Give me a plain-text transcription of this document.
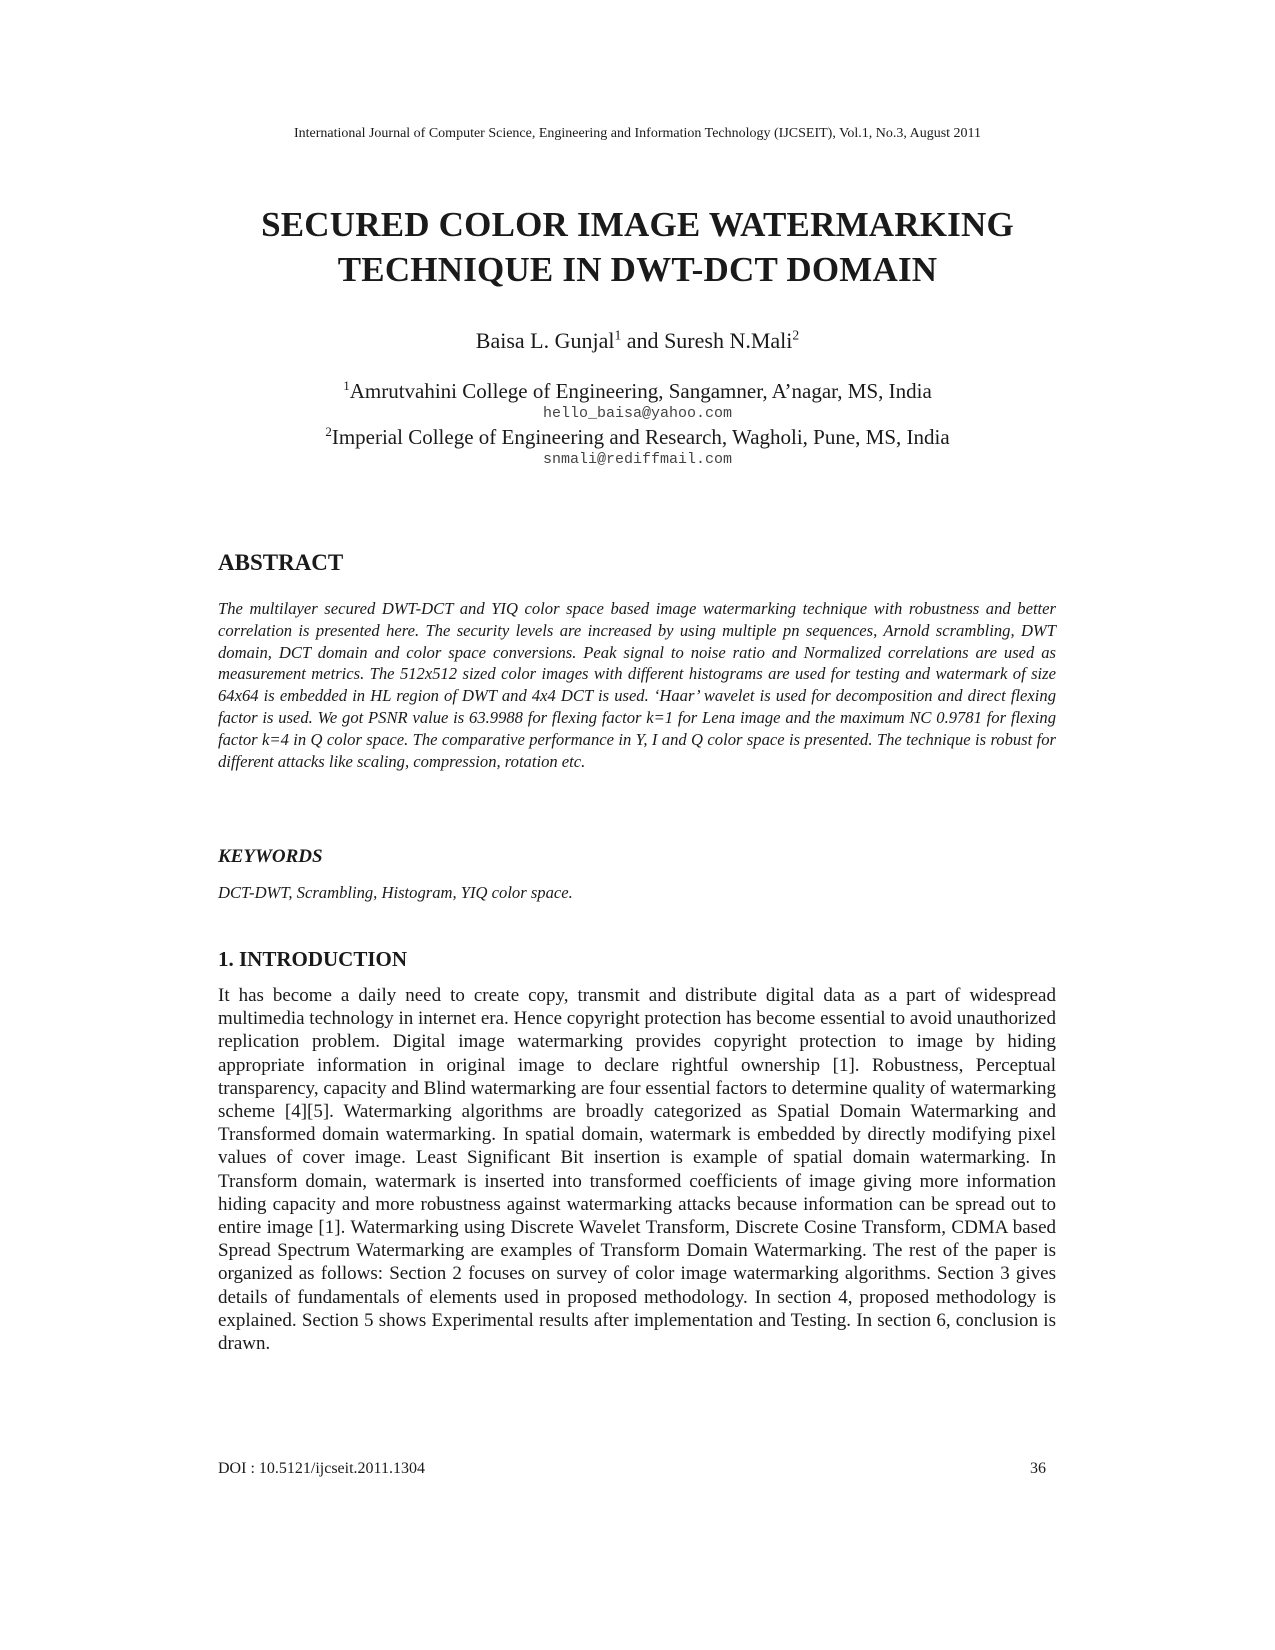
International Journal of Computer Science, Engineering and Information Technology (IJCSEIT), Vol.1, No.3, August 2011
SECURED COLOR IMAGE WATERMARKING
TECHNIQUE IN DWT-DCT DOMAIN
Baisa L. Gunjal$^1$ and Suresh N.Mali$^2$
$^1$Amrutvahini College of Engineering, Sangamner, A’nagar, MS, India
hello_baisa@yahoo.com
$^2$Imperial College of Engineering and Research, Wagholi, Pune, MS, India
snmali@rediffmail.com
ABSTRACT
The multilayer secured DWT-DCT and YIQ color space based image watermarking technique with robustness and better correlation is presented here. The security levels are increased by using multiple pn sequences, Arnold scrambling, DWT domain, DCT domain and color space conversions. Peak signal to noise ratio and Normalized correlations are used as measurement metrics. The 512x512 sized color images with different histograms are used for testing and watermark of size 64x64 is embedded in HL region of DWT and 4x4 DCT is used. ‘Haar’ wavelet is used for decomposition and direct flexing factor is used. We got PSNR value is 63.9988 for flexing factor k=1 for Lena image and the maximum NC 0.9781 for flexing factor k=4 in Q color space. The comparative performance in Y, I and Q color space is presented. The technique is robust for different attacks like scaling, compression, rotation etc.
KEYWORDS
DCT-DWT, Scrambling, Histogram, YIQ color space.
1. INTRODUCTION
It has become a daily need to create copy, transmit and distribute digital data as a part of widespread multimedia technology in internet era. Hence copyright protection has become essential to avoid unauthorized replication problem. Digital image watermarking provides copyright protection to image by hiding appropriate information in original image to declare rightful ownership [1]. Robustness, Perceptual transparency, capacity and Blind watermarking are four essential factors to determine quality of watermarking scheme [4][5]. Watermarking algorithms are broadly categorized as Spatial Domain Watermarking and Transformed domain watermarking. In spatial domain, watermark is embedded by directly modifying pixel values of cover image. Least Significant Bit insertion is example of spatial domain watermarking. In Transform domain, watermark is inserted into transformed coefficients of image giving more information hiding capacity and more robustness against watermarking attacks because information can be spread out to entire image [1]. Watermarking using Discrete Wavelet Transform, Discrete Cosine Transform, CDMA based Spread Spectrum Watermarking are examples of Transform Domain Watermarking. The rest of the paper is organized as follows: Section 2 focuses on survey of color image watermarking algorithms. Section 3 gives details of fundamentals of elements used in proposed methodology. In section 4, proposed methodology is explained. Section 5 shows Experimental results after implementation and Testing. In section 6, conclusion is drawn.
DOI : 10.5121/ijcseit.2011.1304	36
